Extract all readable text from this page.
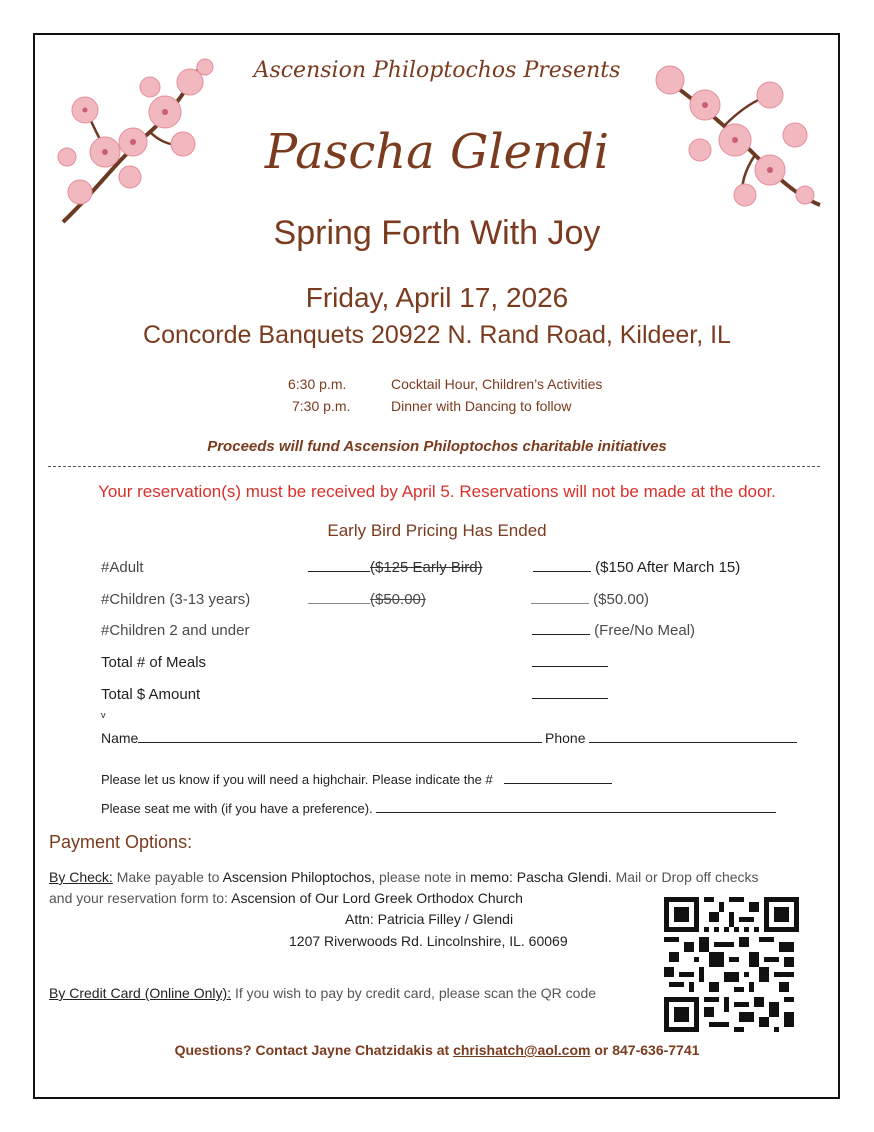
Ascension Philoptochos Presents
Pascha Glendi
Spring Forth With Joy
Friday, April 17, 2026
Concorde Banquets 20922 N. Rand Road, Kildeer, IL
6:30 p.m.	Cocktail Hour, Children’s Activities
7:30 p.m.	Dinner with Dancing to follow
Proceeds will fund Ascension Philoptochos charitable initiatives
Your reservation(s) must be received by April 5. Reservations will not be made at the door.
Early Bird Pricing Has Ended
#Adult	($125 Early Bird)	($150 After March 15)
#Children (3-13 years)	($50.00)	($50.00)
#Children 2 and under	(Free/No Meal)
Total # of Meals
Total $ Amount
v
Name	Phone
Please let us know if you will need a highchair. Please indicate the #
Please seat me with (if you have a preference).
Payment Options:
By Check: Make payable to Ascension Philoptochos, please note in memo: Pascha Glendi. Mail or Drop off checks
and your reservation form to: Ascension of Our Lord Greek Orthodox Church
Attn: Patricia Filley / Glendi
1207 Riverwoods Rd. Lincolnshire, IL. 60069
By Credit Card (Online Only): If you wish to pay by credit card, please scan the QR code
Questions? Contact Jayne Chatzidakis at chrishatch@aol.com or 847-636-7741
